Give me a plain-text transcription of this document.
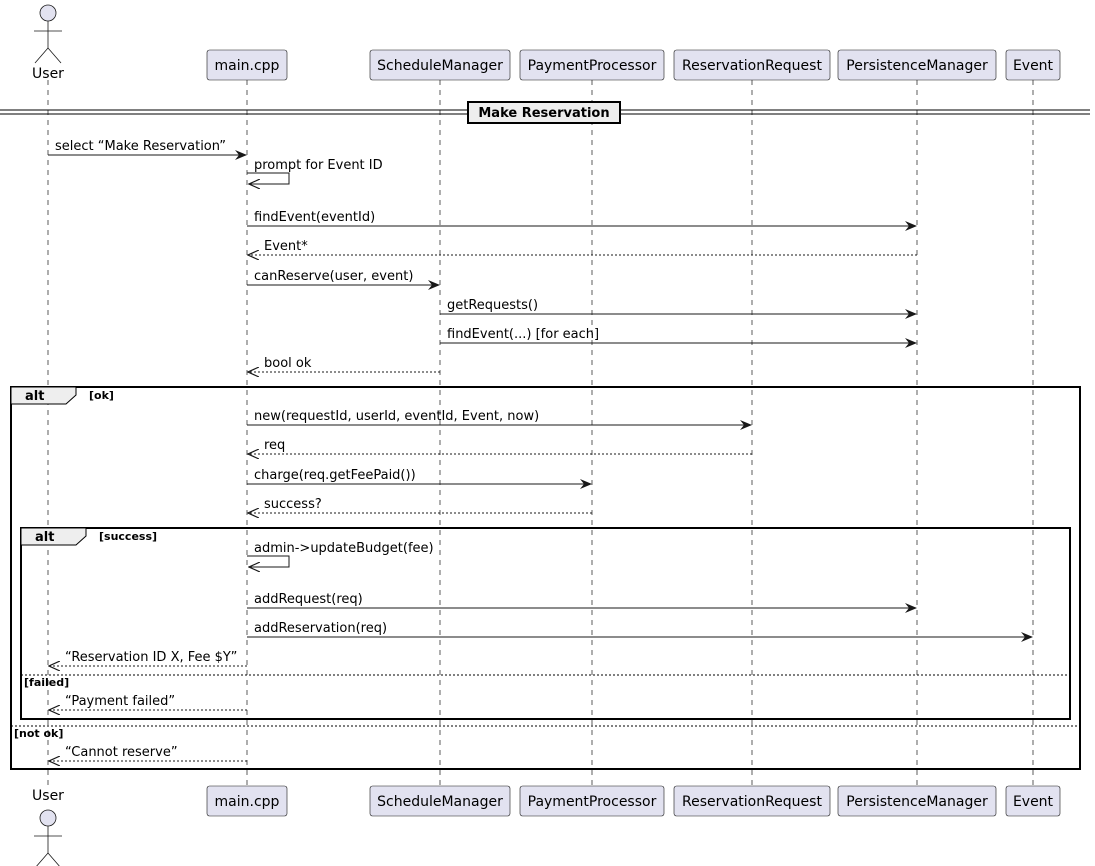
alt	[ok]
[not ok]
alt	[success]
[failed]
Make Reservation
select “Make Reservation”
prompt for Event ID
findEvent(eventId)
Event*
canReserve(user, event)
getRequests()
findEvent(...) [for each]
bool ok
new(requestId, userId, eventId, Event, now)
req
charge(req.getFeePaid())
success?
admin->updateBudget(fee)
addRequest(req)
addReservation(req)
“Reservation ID X, Fee $Y”
“Payment failed”
“Cannot reserve”
User
User
main.cpp
main.cpp
ScheduleManager
ScheduleManager
PaymentProcessor
PaymentProcessor
ReservationRequest
ReservationRequest
PersistenceManager
PersistenceManager
Event
Event
